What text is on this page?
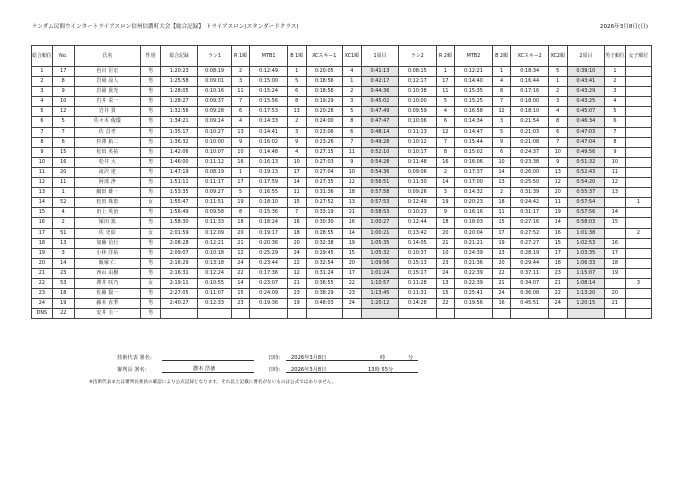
ケンダム民間ウインタートライアスロン信州信濃町大会【総合記録】 トライアスロン(スタンダードクラス)	2026年3月8日(日)
総合順位	No.	氏名	性別	総合記録	ラン1	R 1順	MTB1	B 1順	XCスキー1	XC1順	1周目	ラン2	R 2順	MTB2	B 2順	XCスキー2	XC2順	2周目	男子順位	女子順位
1	17	色川 臣宏	男	1:20:23	0:08:19	2	0:12:49	1	0:20:05	4	0:41:13	0:08:15	1	0:12:21	1	0:18:34	5	0:39:10	1	
2	8	岩岡 涼人	男	1:25:58	0:09:01	3	0:15:00	5	0:18:56	1	0:42:17	0:12:17	17	0:14:40	4	0:16:44	1	0:43:41	2	
3	9	岩岡 貴光	男	1:28:05	0:10:16	11	0:15:24	6	0:18:56	2	0:44:36	0:10:38	11	0:15:35	8	0:17:16	2	0:43:29	3	
4	10	岩井 栄一	男	1:28:27	0:09:37	7	0:15:56	8	0:19:29	3	0:45:02	0:10:00	5	0:15:25	7	0:18:00	3	0:43:25	4	
5	12	岩井 貫	男	1:32:56	0:09:28	6	0:17:53	13	0:20:28	5	0:47:49	0:09:59	4	0:16:58	12	0:18:10	4	0:45:07	5	
6	5	佐々木 俊儀	男	1:34:21	0:09:14	4	0:14:33	2	0:24:00	8	0:47:47	0:10:06	6	0:14:34	3	0:21:54	8	0:46:34	6	
7	7	佐 昌孝	男	1:35:17	0:10:27	13	0:14:41	3	0:23:06	6	0:48:14	0:11:13	12	0:14:47	5	0:21:03	6	0:47:03	7	
8	6	杉澤 拓二	男	1:36:32	0:10:00	9	0:16:02	9	0:23:26	7	0:49:28	0:10:12	7	0:15:44	9	0:21:08	7	0:47:04	8	
9	15	松田 英祐	男	1:42:06	0:10:07	10	0:14:48	4	0:27:15	11	0:52:10	0:10:17	8	0:15:02	6	0:24:37	10	0:49:56	9	
10	16	松井 大	男	1:46:00	0:11:12	16	0:16:13	10	0:27:03	9	0:54:28	0:11:48	16	0:16:06	10	0:23:38	9	0:51:32	10	
11	20	滝沢 達	男	1:47:19	0:08:19	1	0:19:13	17	0:27:04	10	0:54:36	0:09:06	2	0:17:37	14	0:26:00	13	0:52:43	11	
12	11	阿部 浄	男	1:51:11	0:11:17	17	0:17:59	14	0:27:35	12	0:56:51	0:11:30	14	0:17:00	13	0:25:50	12	0:54:20	12	
13	1	細田 雄一	男	1:53:35	0:09:27	5	0:16:55	11	0:31:36	18	0:57:58	0:09:26	3	0:14:32	2	0:31:39	20	0:55:37	13	
14	52	松田 珠恵	女	1:55:47	0:11:51	19	0:18:10	15	0:27:52	13	0:57:53	0:12:49	19	0:20:23	18	0:24:42	11	0:57:54		1
15	4	田上 英治	男	1:56:49	0:09:58	8	0:15:36	7	0:33:19	21	0:58:53	0:10:23	9	0:16:16	11	0:31:17	19	0:57:56	14	
16	2	塚田 篤	男	1:58:30	0:11:33	18	0:18:24	16	0:30:30	16	1:00:27	0:12:44	18	0:18:03	15	0:27:16	14	0:58:03	15	
17	51	佐 史絵	女	2:01:59	0:12:09	20	0:19:17	18	0:28:55	14	1:00:21	0:13:42	20	0:20:04	17	0:27:52	16	1:01:38		2
18	13	加藤 信行	男	2:08:28	0:12:21	21	0:20:36	20	0:32:38	19	1:05:35	0:14:05	21	0:21:21	19	0:27:27	15	1:02:53	16	
19	3	小林 洋祐	男	2:09:07	0:10:18	12	0:25:29	24	0:29:45	15	1:05:32	0:10:37	10	0:24:39	23	0:28:19	17	1:03:35	17	
20	14	飯塚 仁	男	2:16:29	0:13:18	24	0:23:44	22	0:32:54	20	1:09:56	0:15:13	23	0:21:36	20	0:29:44	18	1:06:33	18	
21	23	西山 由樹	男	2:16:31	0:12:24	22	0:17:36	12	0:31:24	17	1:01:24	0:15:17	24	0:22:39	22	0:37:11	23	1:15:07	19	
22	53	澤井 咲乃	女	2:19:11	0:10:55	14	0:23:07	21	0:36:55	22	1:10:57	0:11:28	13	0:22:39	21	0:34:07	21	1:08:14		3
23	18	佐藤 賢一	男	2:27:05	0:11:07	15	0:24:09	23	0:38:29	23	1:13:45	0:11:31	15	0:25:41	24	0:36:08	22	1:13:20	20	
24	19	藤本 直季	男	2:40:27	0:12:33	23	0:19:36	19	0:48:03	24	1:20:12	0:14:28	22	0:19:56	16	0:45:51	24	1:20:15	21	
DNS	22	安井 圭一	男																	
技術代表 署名：	日時： 2026年3月8日	時	分
審判長 署名：	濃本 浩徳	日時： 2026年3月8日	13時 55分
※技術代表または審判長委員の確認により公式記録となります。それ以上記載に署名がないものは公式ではありません。
